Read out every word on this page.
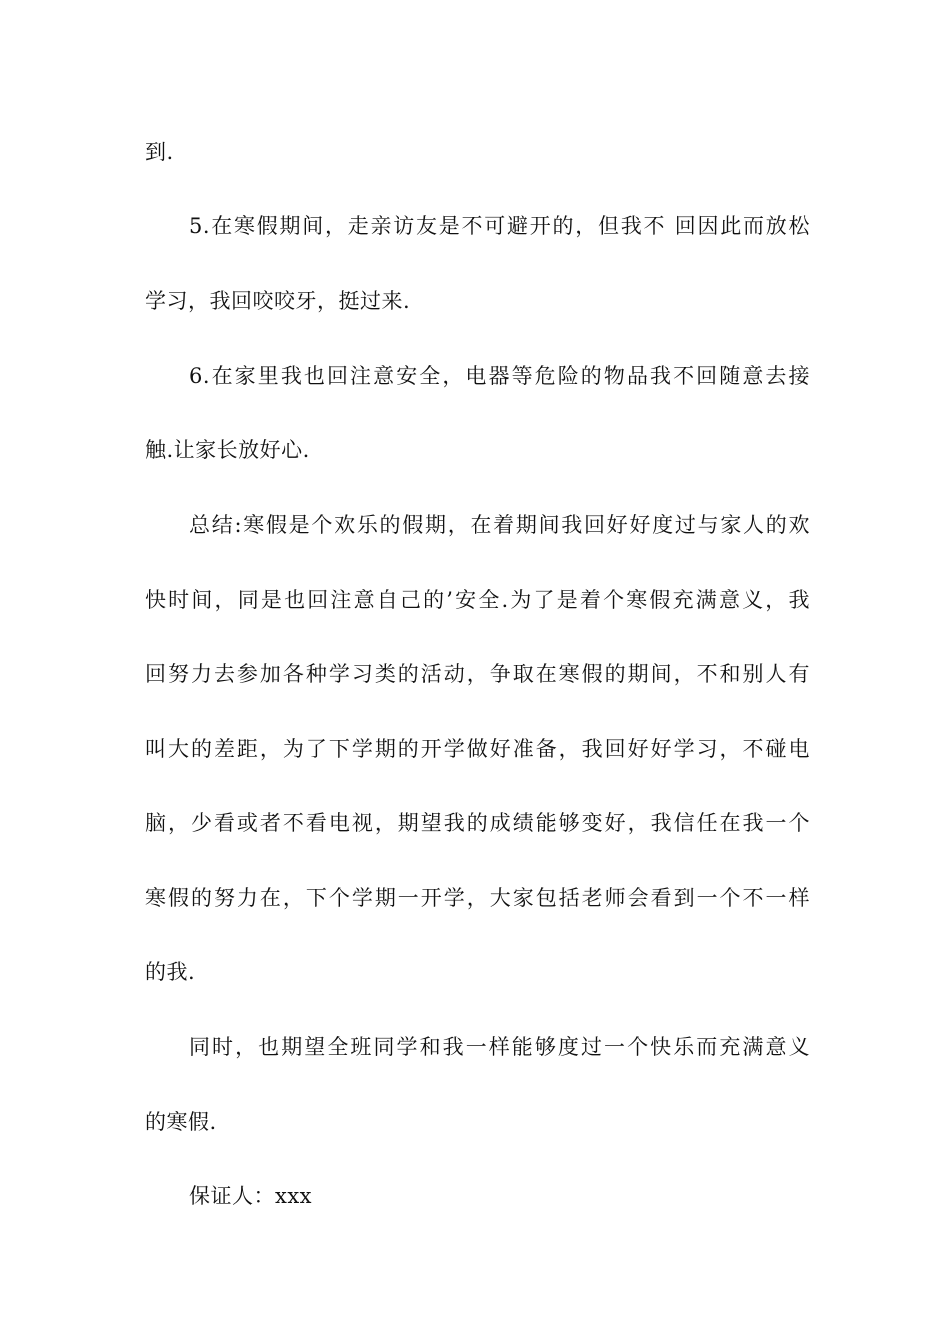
到.
5.在寒假期间，走亲访友是不可避开的，但我不 回因此而放松
学习，我回咬咬牙，挺过来.
6.在家里我也回注意安全，电器等危险的物品我不回随意去接
触.让家长放好心.
总结:寒假是个欢乐的假期，在着期间我回好好度过与家人的欢
快时间，同是也回注意自己的’安全.为了是着个寒假充满意义，我
回努力去参加各种学习类的活动，争取在寒假的期间，不和别人有
叫大的差距，为了下学期的开学做好准备，我回好好学习，不碰电
脑，少看或者不看电视，期望我的成绩能够变好，我信任在我一个
寒假的努力在，下个学期一开学，大家包括老师会看到一个不一样
的我.
同时，也期望全班同学和我一样能够度过一个快乐而充满意义
的寒假.
保证人：xxx
